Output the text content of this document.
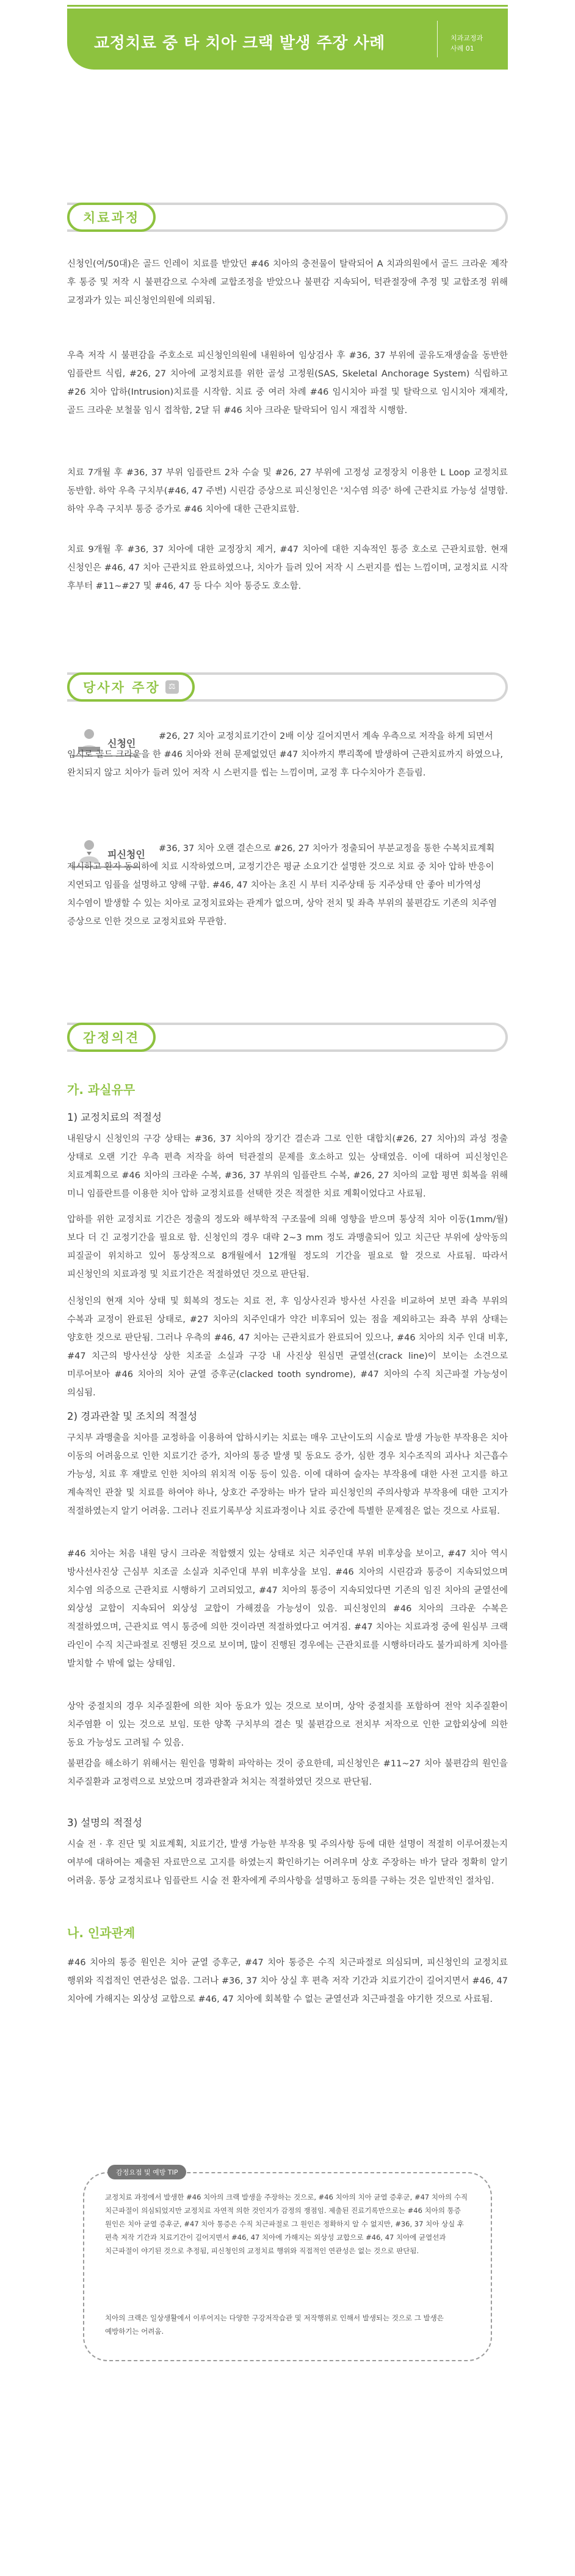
교정치료 중 타 치아 크랙 발생 주장 사례	치과교정과
사례 01
치료과정
신청인(여/50대)은 골드 인레이 치료를 받았던 #46 치아의 충전물이 탈락되어 A 치과의원에서 골드 크라운 제작 후 통증 및 저작 시 불편감으로 수차례 교합조정을 받았으나 불편감 지속되어, 턱관절장애 추정 및 교합조정 위해 교정과가 있는 피신청인의원에 의뢰됨.
우측 저작 시 불편감을 주호소로 피신청인의원에 내원하여 임상검사 후 #36, 37 부위에 골유도재생술을 동반한 임플란트 식립, #26, 27 치아에 교정치료를 위한 골성 고정원(SAS, Skeletal Anchorage System) 식립하고 #26 치아 압하(Intrusion)치료를 시작함. 치료 중 여러 차례 #46 임시치아 파절 및 탈락으로 임시치아 재제작, 골드 크라운 보철물 임시 접착함, 2달 뒤 #46 치아 크라운 탈락되어 임시 재접착 시행함.
치료 7개월 후 #36, 37 부위 임플란트 2차 수술 및 #26, 27 부위에 고정성 교정장치 이용한 L Loop 교정치료 동반함. 하악 우측 구치부(#46, 47 주변) 시린감 증상으로 피신청인은 '치수염 의증' 하에 근관치료 가능성 설명함. 하악 우측 구치부 통증 증가로 #46 치아에 대한 근관치료함.
치료 9개월 후 #36, 37 치아에 대한 교정장치 제거, #47 치아에 대한 지속적인 통증 호소로 근관치료함. 현재 신청인은 #46, 47 치아 근관치료 완료하였으나, 치아가 들려 있어 저작 시 스펀지를 씹는 느낌이며, 교정치료 시작 후부터 #11~#27 및 #46, 47 등 다수 치아 통증도 호소함.
당사자 주장	⚖
신청인
#26, 27 치아 교정치료기간이 2배 이상 길어지면서 계속 우측으로 저작을 하게 되면서 임시로 골드 크라운을 한 #46 치아와 전혀 문제없었던 #47 치아까지 뿌리쪽에 발생하여 근관치료까지 하였으나, 완치되지 않고 치아가 들려 있어 저작 시 스펀지를 씹는 느낌이며, 교정 후 다수치아가 흔들림.
피신청인	#36, 37 치아 오랜 결손으로 #26, 27 치아가 정출되어 부분교정을 통한 수복치료계획 제시하고 환자 동의하에 치료 시작하였으며, 교정기간은 평균 소요기간 설명한 것으로 치료 중 치아 압하 반응이 지연되고 임플을 설명하고 양해 구함. #46, 47 치아는 초진 시 부터 지주상태 등 지주상태 안 좋아 비가역성 치수염이 발생할 수 있는 치아로 교정치료와는 관계가 없으며, 상악 전치 및 좌측 부위의 불편감도 기존의 치주염 증상으로 인한 것으로 교정치료와 무관함.
감정의견
가. 과실유무
1) 교정치료의 적절성
내원당시 신청인의 구강 상태는 #36, 37 치아의 장기간 결손과 그로 인한 대합치(#26, 27 치아)의 과성 정출 상태로 오랜 기간 우측 편측 저작을 하여 턱관절의 문제를 호소하고 있는 상태였음. 이에 대하여 피신청인은 치료계획으로 #46 치아의 크라운 수복, #36, 37 부위의 임플란트 수복, #26, 27 치아의 교합 평면 회복을 위해 미니 임플란트를 이용한 치아 압하 교정치료를 선택한 것은 적절한 치료 계획이었다고 사료됨.
압하를 위한 교정치료 기간은 정출의 정도와 해부학적 구조물에 의해 영향을 받으며 통상적 치아 이동(1mm/월)보다 더 긴 교정기간을 필요로 함. 신청인의 경우 대략 2~3 mm 정도 과맹출되어 있고 치근단 부위에 상악동의 피질골이 위치하고 있어 통상적으로 8개월에서 12개월 정도의 기간을 필요로 할 것으로 사료됨. 따라서 피신청인의 치료과정 및 치료기간은 적절하였던 것으로 판단됨.
신청인의 현재 치아 상태 및 회복의 정도는 치료 전, 후 임상사진과 방사선 사진을 비교하여 보면 좌측 부위의 수복과 교정이 완료된 상태로, #27 치아의 치주인대가 약간 비후되어 있는 점을 제외하고는 좌측 부위 상태는 양호한 것으로 판단됨. 그러나 우측의 #46, 47 치아는 근관치료가 완료되어 있으나, #46 치아의 치주 인대 비후, #47 치근의 방사선상 상한 치조골 소실과 구강 내 사진상 원심면 균열선(crack line)이 보이는 소견으로 미루어보아 #46 치아의 치아 균열 증후군(clacked tooth syndrome), #47 치아의 수직 치근파절 가능성이 의심됨.
2) 경과관찰 및 조치의 적절성
구치부 과맹출을 치아를 교정하을 이용하여 압하시키는 치료는 매우 고난이도의 시술로 발생 가능한 부작용은 치아 이동의 어려움으로 인한 치료기간 증가, 치아의 통증 발생 및 동요도 증가, 심한 경우 치수조직의 괴사나 치근흡수 가능성, 치료 후 재발로 인한 치아의 위치적 이동 등이 있음. 이에 대하여 술자는 부작용에 대한 사전 고지를 하고 계속적인 관찰 및 치료를 하여야 하나, 상호간 주장하는 바가 달라 피신청인의 주의사항과 부작용에 대한 고지가 적절하였는지 알기 어려움. 그러나 진료기록부상 치료과정이나 치료 중간에 특별한 문제점은 없는 것으로 사료됨.
#46 치아는 처음 내원 당시 크라운 적합했지 있는 상태로 치근 치주인대 부위 비후상을 보이고, #47 치아 역시 방사선사진상 근심부 치조골 소실과 치주인대 부위 비후상을 보임. #46 치아의 시린감과 통증이 지속되었으며 치수염 의증으로 근관치료 시행하기 고려되었고, #47 치아의 통증이 지속되었다면 기존의 임진 치아의 균열선에 외상성 교합이 지속되어 외상성 교합이 가해졌을 가능성이 있음. 피신청인의 #46 치아의 크라운 수복은 적절하였으며, 근관치료 역시 통증에 의한 것이라면 적절하였다고 여겨짐. #47 치아는 치료과정 중에 원심부 크랙 라인이 수직 치근파절로 진행된 것으로 보이며, 많이 진행된 경우에는 근관치료를 시행하더라도 불가피하게 치아를 발치할 수 밖에 없는 상태임.
상악 중절치의 경우 치주질환에 의한 치아 동요가 있는 것으로 보이며, 상악 중절치를 포함하여 전악 치주질환이 치주염환 이 있는 것으로 보임. 또한 양쪽 구치부의 결손 및 불편감으로 전치부 저작으로 인한 교합외상에 의한 동요 가능성도 고려될 수 있음.
불편감을 해소하기 위해서는 원인을 명확히 파악하는 것이 중요한데, 피신청인은 #11~27 치아 불편감의 원인을 치주질환과 교정력으로 보았으며 경과관찰과 처치는 적절하였던 것으로 판단됨.
3) 설명의 적절성
시술 전 · 후 진단 및 치료계획, 치료기간, 발생 가능한 부작용 및 주의사항 등에 대한 설명이 적절히 이루어졌는지 여부에 대하여는 제출된 자료만으로 고지를 하였는지 확인하기는 어려우며 상호 주장하는 바가 달라 정확히 알기 어려움. 통상 교정치료나 임플란트 시술 전 환자에게 주의사항을 설명하고 동의를 구하는 것은 일반적인 절차임.
나. 인과관계
#46 치아의 통증 원인은 치아 균열 증후군, #47 치아 통증은 수직 치근파절로 의심되며, 피신청인의 교정치료 행위와 직접적인 연관성은 없음. 그러나 #36, 37 치아 상실 후 편측 저작 기간과 치료기간이 길어지면서 #46, 47 치아에 가해지는 외상성 교합으로 #46, 47 치아에 회복할 수 없는 균열선과 치근파절을 야기한 것으로 사료됨.
감정요점 및 예방 TIP
교정치료 과정에서 발생한 #46 치아의 크랙 발생을 주장하는 것으로, #46 치아의 치아 균열 증후군, #47 치아의 수직 치근파절이 의심되었지만 교정치료 자연적 의한 것인지가 감정의 쟁점임. 제출된 진료기록만으로는 #46 치아의 통증 원인은 치아 균열 증후군, #47 치아 통증은 수직 치근파절로 그 원인은 정확하지 알 수 없지만, #36, 37 치아 상실 후 편측 저작 기간과 치료기간이 길어지면서 #46, 47 치아에 가해지는 외상성 교합으로 #46, 47 치아에 균열선과 치근파절이 야기된 것으로 추정됨, 피신청인의 교정치료 행위와 직접적인 연관성은 없는 것으로 판단됨.
치아의 크랙은 일상생활에서 이루어지는 다양한 구강저작습관 및 저작행위로 인해서 발생되는 것으로 그 발생은 예방하기는 어려움.
